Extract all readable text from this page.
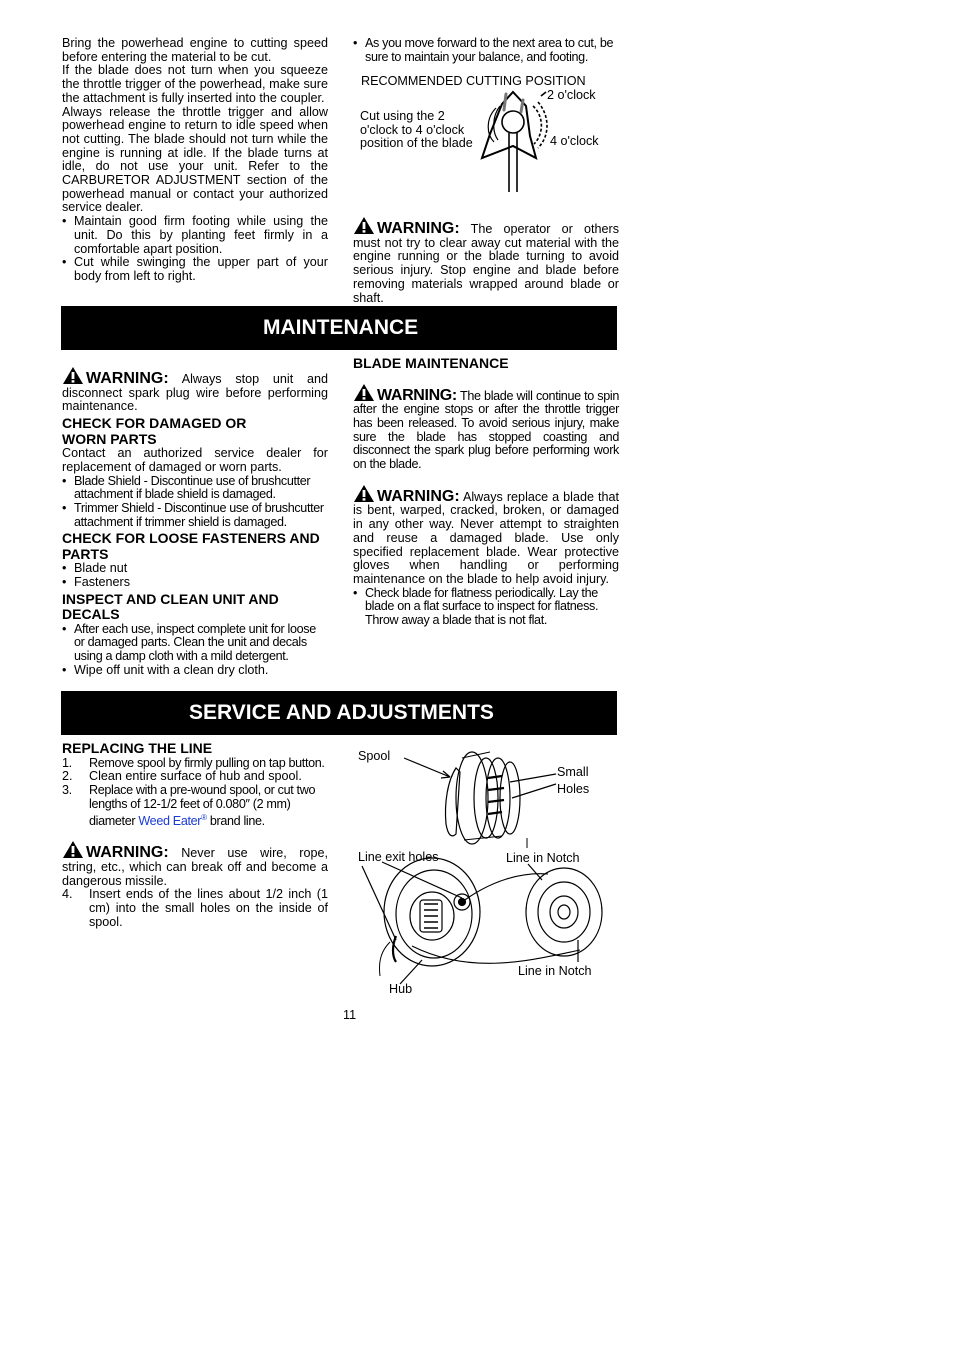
Bring the powerhead engine to cutting speed before entering the material to be cut.

If the blade does not turn when you squeeze the throttle trigger of the powerhead, make sure the attachment is fully inserted into the coupler.

Always release the throttle trigger and allow powerhead engine to return to idle speed when not cutting. The blade should not turn while the engine is running at idle. If the blade turns at idle, do not use your unit. Refer to the CARBURETOR ADJUSTMENT section of the powerhead manual or contact your authorized service dealer.

• Maintain good firm footing while using the unit. Do this by planting feet firmly in a comfortable apart position.

• Cut while swinging the upper part of your body from left to right.

• As you move forward to the next area to cut, be sure to maintain your balance, and footing.

RECOMMENDED CUTTING POSITION
2 o'clock
4 o'clock
Cut using the 2 o'clock to 4 o'clock position of the blade
WARNING: The operator or others must not try to clear away cut material with the engine running or the blade turning to avoid serious injury. Stop engine and blade before removing materials wrapped around blade or shaft.
MAINTENANCE

WARNING: Always stop unit and disconnect spark plug wire before performing maintenance.

CHECK FOR DAMAGED OR WORN PARTS

Contact an authorized service dealer for replacement of damaged or worn parts.

• Blade Shield - Discontinue use of brushcutter attachment if blade shield is damaged.

• Trimmer Shield - Discontinue use of brushcutter attachment if trimmer shield is damaged.

CHECK FOR LOOSE FASTENERS AND PARTS

• Blade nut

• Fasteners

INSPECT AND CLEAN UNIT AND DECALS

• After each use, inspect complete unit for loose or damaged parts. Clean the unit and decals using a damp cloth with a mild detergent.

• Wipe off unit with a clean dry cloth.

BLADE MAINTENANCE

WARNING: The blade will continue to spin after the engine stops or after the throttle trigger has been released. To avoid serious injury, make sure the blade has stopped coasting and disconnect the spark plug before performing work on the blade.

WARNING: Always replace a blade that is bent, warped, cracked, broken, or damaged in any other way. Never attempt to straighten and reuse a damaged blade. Use only specified replacement blade. Wear protective gloves when handling or performing maintenance on the blade to help avoid injury.

• Check blade for flatness periodically. Lay the blade on a flat surface to inspect for flatness. Throw away a blade that is not flat.

SERVICE AND ADJUSTMENTS

REPLACING THE LINE

1. Remove spool by firmly pulling on tap button.

2. Clean entire surface of hub and spool.

3. Replace with a pre-wound spool, or cut two lengths of 12-1/2 feet of 0.080″ (2 mm) diameter Weed Eater® brand line.

WARNING: Never use wire, rope, string, etc., which can break off and become a dangerous missile.

4. Insert ends of the lines about 1/2 inch (1 cm) into the small holes on the inside of spool.

Spool
Small
Holes
Line exit holes	Line in Notch
Line in Notch
Hub
11
